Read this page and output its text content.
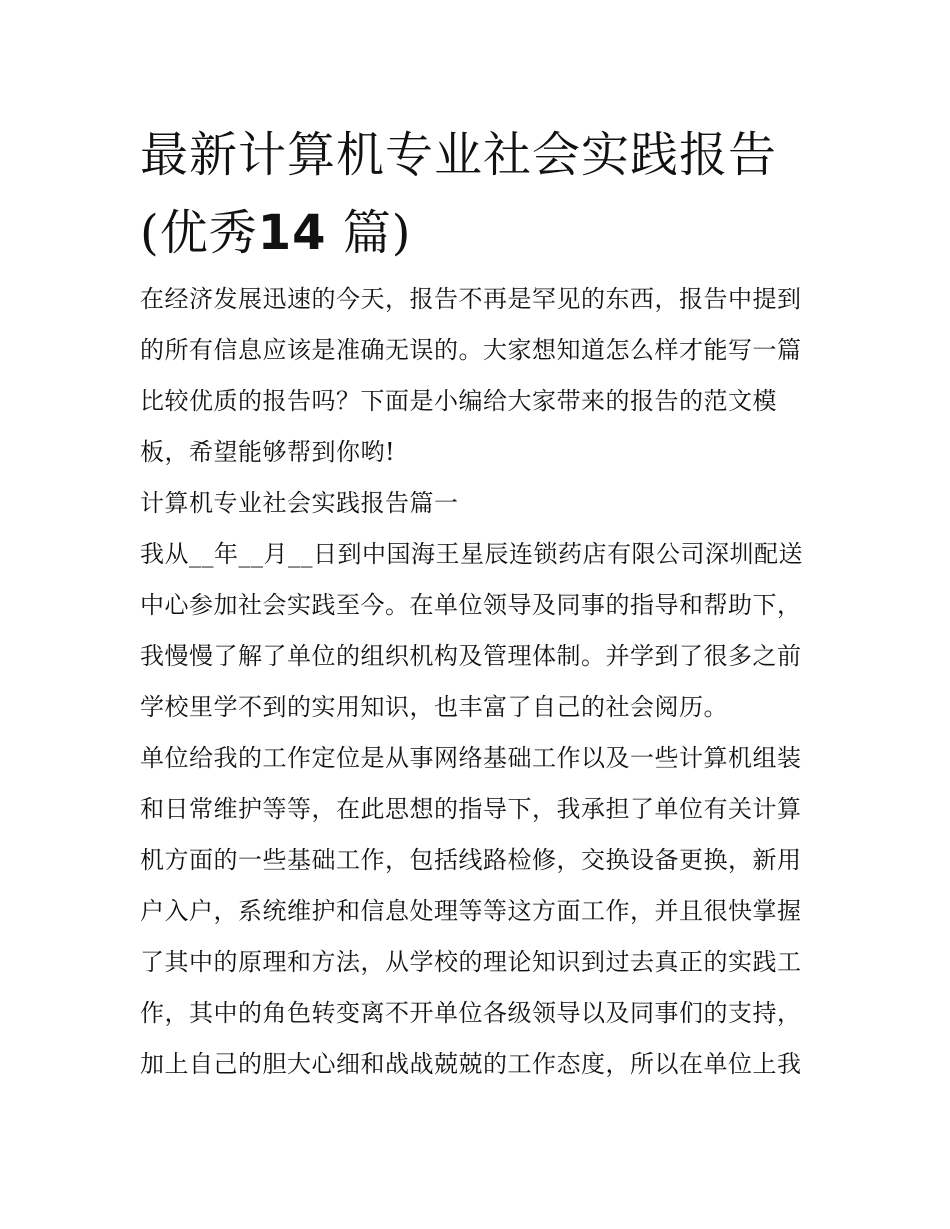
最新计算机专业社会实践报告
(优秀14 篇)

在经济发展迅速的今天，报告不再是罕见的东西，报告中提到的所有信息应该是准确无误的。大家想知道怎么样才能写一篇比较优质的报告吗？下面是小编给大家带来的报告的范文模板，希望能够帮到你哟!

计算机专业社会实践报告篇一

我从__年__月__日到中国海王星辰连锁药店有限公司深圳配送中心参加社会实践至今。在单位领导及同事的指导和帮助下，我慢慢了解了单位的组织机构及管理体制。并学到了很多之前学校里学不到的实用知识，也丰富了自己的社会阅历。

单位给我的工作定位是从事网络基础工作以及一些计算机组装和日常维护等等，在此思想的指导下，我承担了单位有关计算机方面的一些基础工作，包括线路检修，交换设备更换，新用户入户，系统维护和信息处理等等这方面工作，并且很快掌握了其中的原理和方法，从学校的理论知识到过去真正的实践工作，其中的角色转变离不开单位各级领导以及同事们的支持，加上自己的胆大心细和战战兢兢的工作态度，所以在单位上我
